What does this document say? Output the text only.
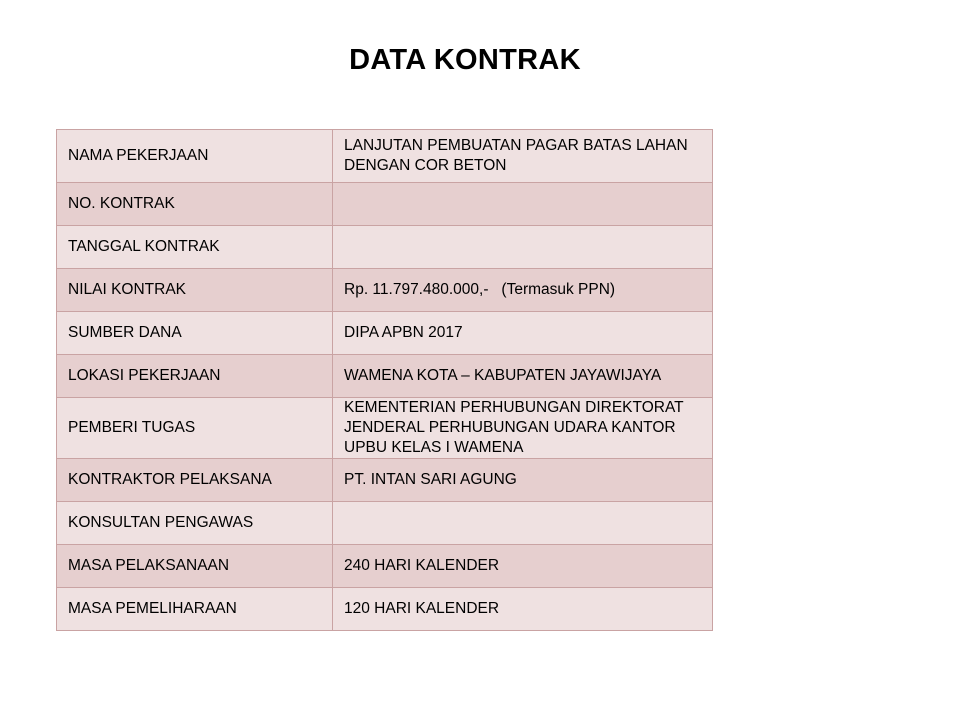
DATA KONTRAK
NAMA PEKERJAAN	LANJUTAN PEMBUATAN PAGAR BATAS LAHAN DENGAN COR BETON
NO. KONTRAK	
TANGGAL KONTRAK	
NILAI KONTRAK	Rp. 11.797.480.000,-   (Termasuk PPN)
SUMBER DANA	DIPA APBN 2017
LOKASI PEKERJAAN	WAMENA KOTA – KABUPATEN JAYAWIJAYA
PEMBERI TUGAS	KEMENTERIAN PERHUBUNGAN DIREKTORAT JENDERAL PERHUBUNGAN UDARA KANTOR UPBU KELAS I WAMENA
KONTRAKTOR PELAKSANA	PT. INTAN SARI AGUNG
KONSULTAN PENGAWAS	
MASA PELAKSANAAN	240 HARI KALENDER
MASA PEMELIHARAAN	120 HARI KALENDER
